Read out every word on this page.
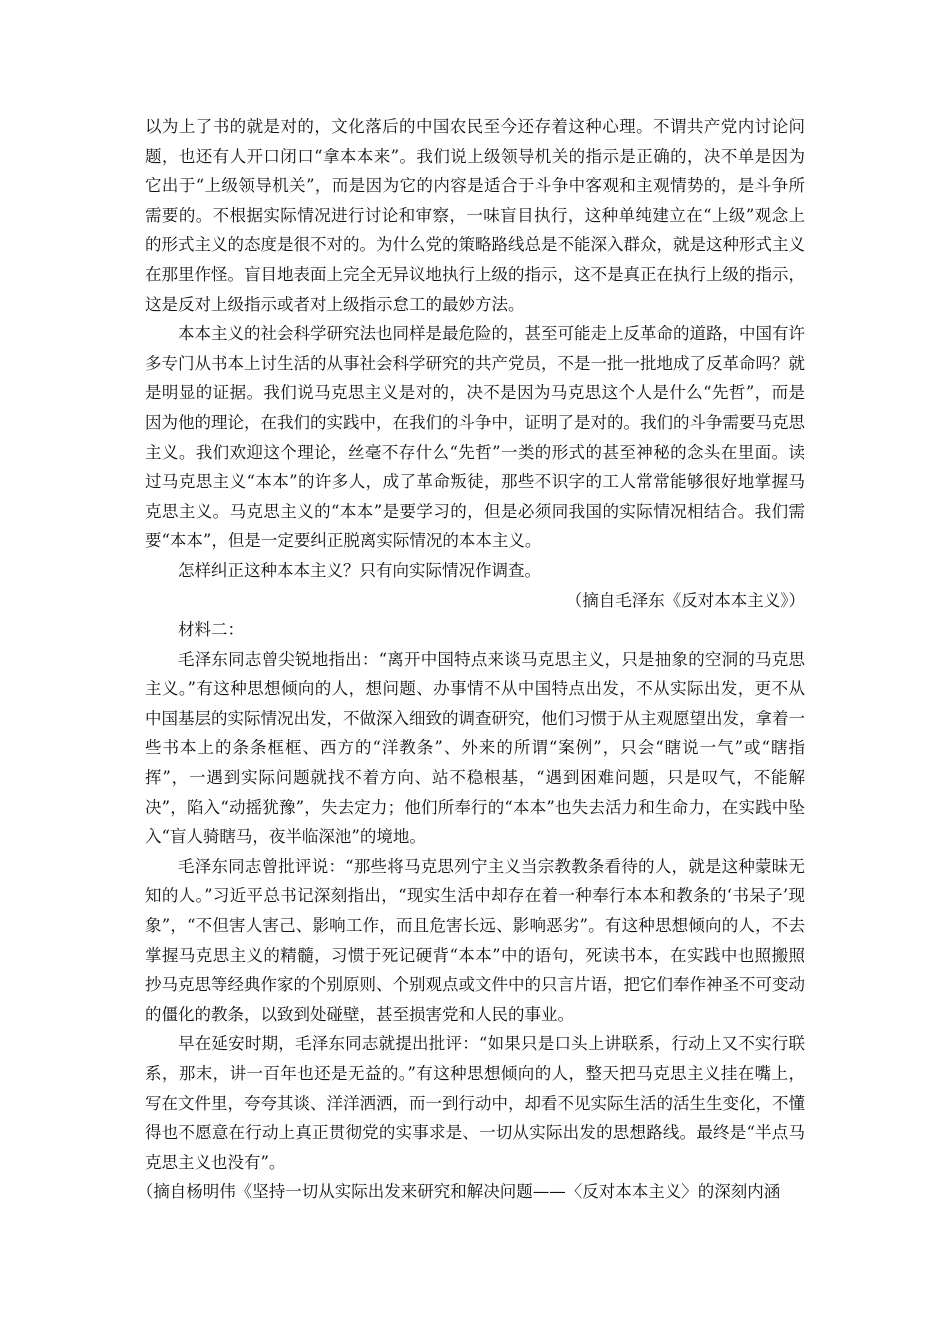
以为上了书的就是对的，文化落后的中国农民至今还存着这种心理。不谓共产党内讨论问题，也还有人开口闭口“拿本本来”。我们说上级领导机关的指示是正确的，决不单是因为它出于“上级领导机关”，而是因为它的内容是适合于斗争中客观和主观情势的，是斗争所需要的。不根据实际情况进行讨论和审察，一味盲目执行，这种单纯建立在“上级”观念上的形式主义的态度是很不对的。为什么党的策略路线总是不能深入群众，就是这种形式主义在那里作怪。盲目地表面上完全无异议地执行上级的指示，这不是真正在执行上级的指示，这是反对上级指示或者对上级指示怠工的最妙方法。

本本主义的社会科学研究法也同样是最危险的，甚至可能走上反革命的道路，中国有许多专门从书本上讨生活的从事社会科学研究的共产党员，不是一批一批地成了反革命吗？就是明显的证据。我们说马克思主义是对的，决不是因为马克思这个人是什么“先哲”，而是因为他的理论，在我们的实践中，在我们的斗争中，证明了是对的。我们的斗争需要马克思主义。我们欢迎这个理论，丝毫不存什么“先哲”一类的形式的甚至神秘的念头在里面。读过马克思主义“本本”的许多人，成了革命叛徒，那些不识字的工人常常能够很好地掌握马克思主义。马克思主义的“本本”是要学习的，但是必须同我国的实际情况相结合。我们需要“本本”，但是一定要纠正脱离实际情况的本本主义。

怎样纠正这种本本主义？只有向实际情况作调查。

（摘自毛泽东《反对本本主义》）

材料二：

毛泽东同志曾尖锐地指出：“离开中国特点来谈马克思主义，只是抽象的空洞的马克思主义。”有这种思想倾向的人，想问题、办事情不从中国特点出发，不从实际出发，更不从中国基层的实际情况出发，不做深入细致的调查研究，他们习惯于从主观愿望出发，拿着一些书本上的条条框框、西方的“洋教条”、外来的所谓“案例”，只会“瞎说一气”或“瞎指挥”，一遇到实际问题就找不着方向、站不稳根基，“遇到困难问题，只是叹气，不能解决”，陷入“动摇犹豫”，失去定力；他们所奉行的“本本”也失去活力和生命力，在实践中坠入“盲人骑瞎马，夜半临深池”的境地。

毛泽东同志曾批评说：“那些将马克思列宁主义当宗教教条看待的人，就是这种蒙昧无知的人。”习近平总书记深刻指出，“现实生活中却存在着一种奉行本本和教条的‘书呆子’现象”，“不但害人害己、影响工作，而且危害长远、影响恶劣”。有这种思想倾向的人，不去掌握马克思主义的精髓，习惯于死记硬背“本本”中的语句，死读书本，在实践中也照搬照抄马克思等经典作家的个别原则、个别观点或文件中的只言片语，把它们奉作神圣不可变动的僵化的教条，以致到处碰壁，甚至损害党和人民的事业。

早在延安时期，毛泽东同志就提出批评：“如果只是口头上讲联系，行动上又不实行联系，那末，讲一百年也还是无益的。”有这种思想倾向的人，整天把马克思主义挂在嘴上，写在文件里，夸夸其谈、洋洋洒洒，而一到行动中，却看不见实际生活的活生生变化，不懂得也不愿意在行动上真正贯彻党的实事求是、一切从实际出发的思想路线。最终是“半点马克思主义也没有”。

（摘自杨明伟《坚持一切从实际出发来研究和解决问题——〈反对本本主义〉的深刻内涵
